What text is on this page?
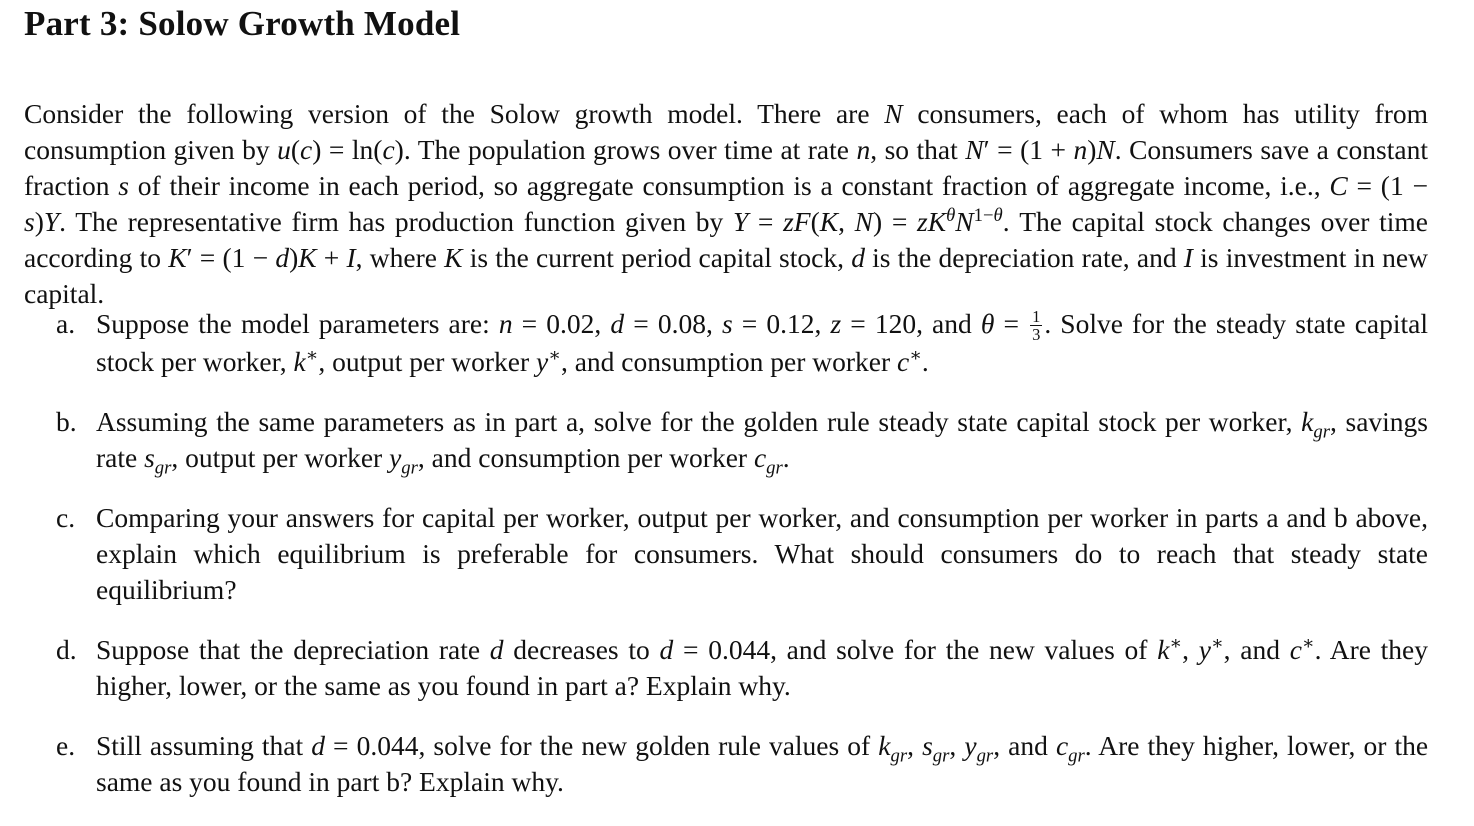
Part 3: Solow Growth Model

Consider the following version of the Solow growth model. There are N consumers, each of whom has utility from consumption given by u(c) = ln(c). The population grows over time at rate n, so that N′ = (1 + n)N. Consumers save a constant fraction s of their income in each period, so aggregate consumption is a constant fraction of aggregate income, i.e., C = (1 − s)Y. The representative firm has production function given by Y = zF(K, $N) = zK^\theta N^{1-\theta}$. The capital stock changes over time according to K′ = (1 − d)K + I, where K is the current period capital stock, d is the depreciation rate, and I is investment in new capital.

a. Suppose the model parameters are: n = 0.02, d = 0.08, s = 0.12, z = 120, and $\theta = \frac{1}{3}$ . Solve for the steady state capital stock per worker, k∗, output per worker y∗, and consumption per worker c∗.
b. Assuming the same parameters as in part a, solve for the golden rule steady state capital stock per worker, $k_{gr}$, savings rate $s_{gr}$, output per worker $y_{gr}$, and consumption per worker $c_{gr}$.
c. Comparing your answers for capital per worker, output per worker, and consumption per worker in parts a and b above, explain which equilibrium is preferable for consumers. What should consumers do to reach that steady state equilibrium?
d. Suppose that the depreciation rate d decreases to d = 0.044, and solve for the new values of k∗, y∗, and c∗. Are they higher, lower, or the same as you found in part a? Explain why.
e. Still assuming that d = 0.044, solve for the new golden rule values of $k_{gr}$, $s_{gr}$, $y_{gr}$, and $c_{gr}$. Are they higher, lower, or the same as you found in part b? Explain why.
